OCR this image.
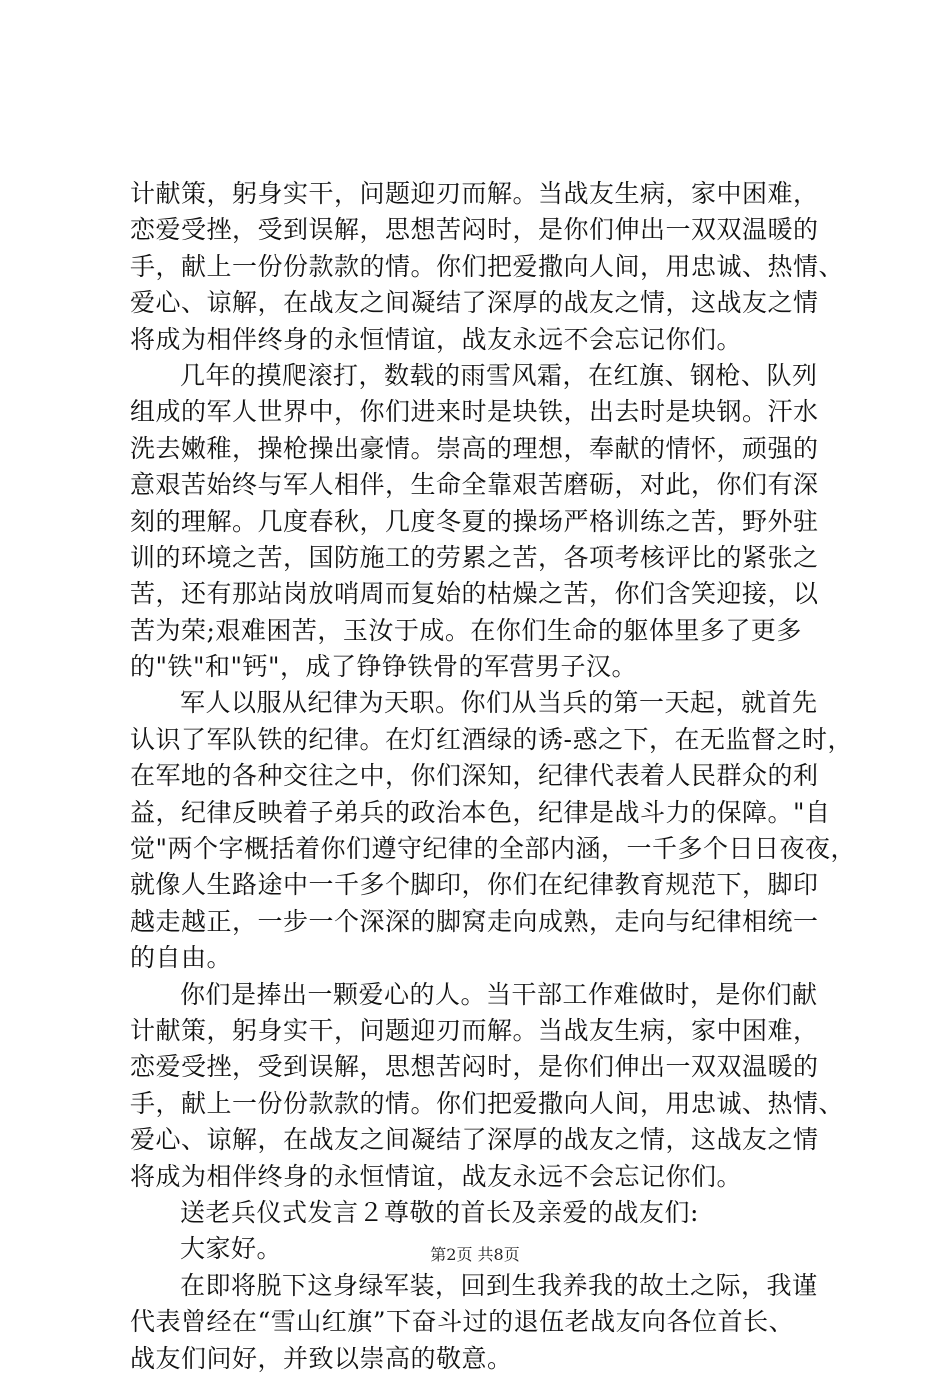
计献策，躬身实干，问题迎刃而解。当战友生病，家中困难，
恋爱受挫，受到误解，思想苦闷时，是你们伸出一双双温暖的
手，献上一份份款款的情。你们把爱撒向人间，用忠诚、热情、
爱心、谅解，在战友之间凝结了深厚的战友之情，这战友之情
将成为相伴终身的永恒情谊，战友永远不会忘记你们。
几年的摸爬滚打，数载的雨雪风霜，在红旗、钢枪、队列
组成的军人世界中，你们进来时是块铁，出去时是块钢。汗水
洗去嫩稚，操枪操出豪情。崇高的理想，奉献的情怀，顽强的
意艰苦始终与军人相伴，生命全靠艰苦磨砺，对此，你们有深
刻的理解。几度春秋，几度冬夏的操场严格训练之苦，野外驻
训的环境之苦，国防施工的劳累之苦，各项考核评比的紧张之
苦，还有那站岗放哨周而复始的枯燥之苦，你们含笑迎接，以
苦为荣;艰难困苦，玉汝于成。在你们生命的躯体里多了更多
的"铁"和"钙"，成了铮铮铁骨的军营男子汉。
军人以服从纪律为天职。你们从当兵的第一天起，就首先
认识了军队铁的纪律。在灯红酒绿的诱-惑之下，在无监督之时，
在军地的各种交往之中，你们深知，纪律代表着人民群众的利
益，纪律反映着子弟兵的政治本色，纪律是战斗力的保障。"自
觉"两个字概括着你们遵守纪律的全部内涵，一千多个日日夜夜，
就像人生路途中一千多个脚印，你们在纪律教育规范下，脚印
越走越正，一步一个深深的脚窝走向成熟，走向与纪律相统一
的自由。
你们是捧出一颗爱心的人。当干部工作难做时，是你们献
计献策，躬身实干，问题迎刃而解。当战友生病，家中困难，
恋爱受挫，受到误解，思想苦闷时，是你们伸出一双双温暖的
手，献上一份份款款的情。你们把爱撒向人间，用忠诚、热情、
爱心、谅解，在战友之间凝结了深厚的战友之情，这战友之情
将成为相伴终身的永恒情谊，战友永远不会忘记你们。
送老兵仪式发言２尊敬的首长及亲爱的战友们:
大家好。
在即将脱下这身绿军装，回到生我养我的故土之际，我谨
代表曾经在“雪山红旗”下奋斗过的退伍老战友向各位首长、
战友们问好，并致以崇高的敬意。
第2页 共8页
